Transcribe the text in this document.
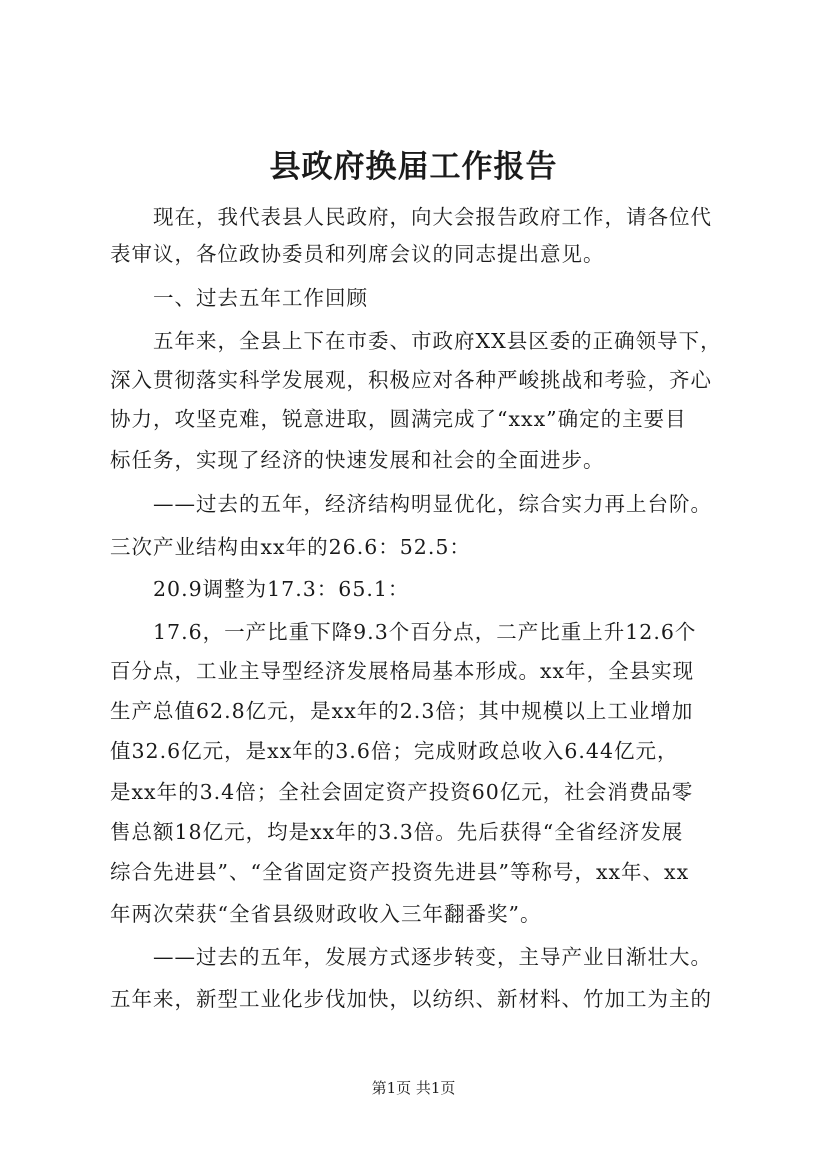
县政府换届工作报告
现在，我代表县人民政府，向大会报告政府工作，请各位代
表审议，各位政协委员和列席会议的同志提出意见。
一、过去五年工作回顾
五年来，全县上下在市委、市政府XX县区委的正确领导下，
深入贯彻落实科学发展观，积极应对各种严峻挑战和考验，齐心
协力，攻坚克难，锐意进取，圆满完成了“xxx”确定的主要目
标任务，实现了经济的快速发展和社会的全面进步。
——过去的五年，经济结构明显优化，综合实力再上台阶。
三次产业结构由xx年的26.6：52.5：
20.9调整为17.3：65.1：
17.6，一产比重下降9.3个百分点，二产比重上升12.6个
百分点，工业主导型经济发展格局基本形成。xx年，全县实现
生产总值62.8亿元，是xx年的2.3倍；其中规模以上工业增加
值32.6亿元，是xx年的3.6倍；完成财政总收入6.44亿元，
是xx年的3.4倍；全社会固定资产投资60亿元，社会消费品零
售总额18亿元，均是xx年的3.3倍。先后获得“全省经济发展
综合先进县”、“全省固定资产投资先进县”等称号，xx年、xx
年两次荣获“全省县级财政收入三年翻番奖”。
——过去的五年，发展方式逐步转变，主导产业日渐壮大。
五年来，新型工业化步伐加快，以纺织、新材料、竹加工为主的
第1页 共1页
